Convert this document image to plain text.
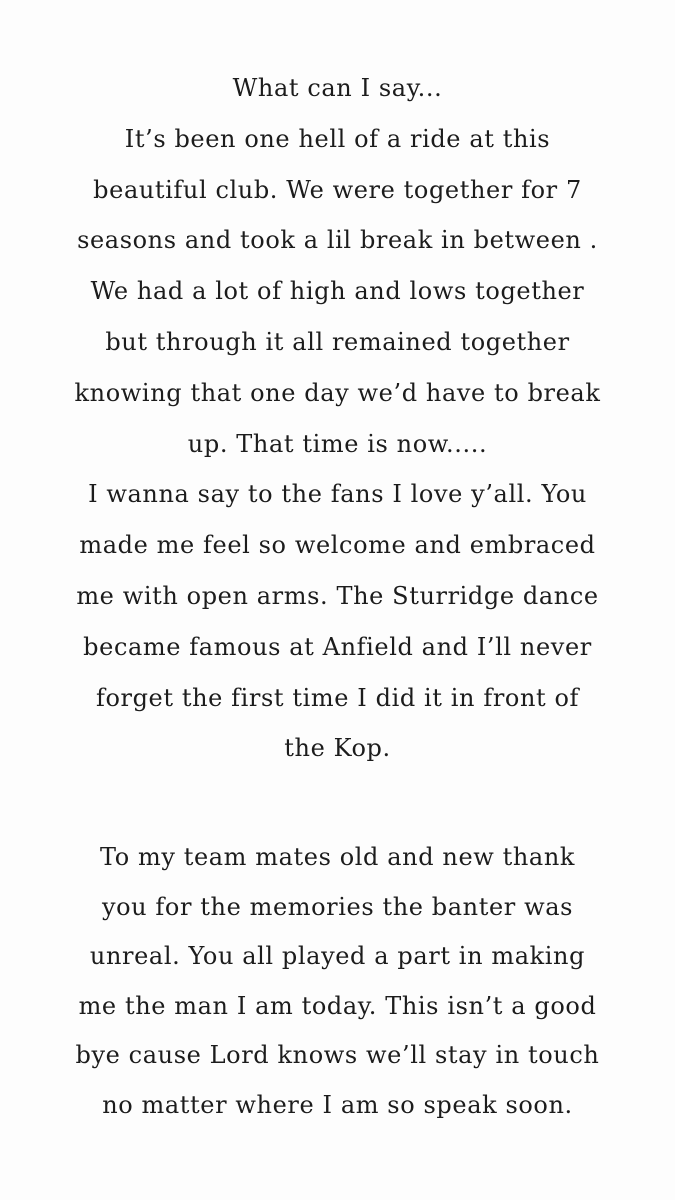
What can I say...
It’s been one hell of a ride at this
beautiful club. We were together for 7
seasons and took a lil break in between .
We had a lot of high and lows together
but through it all remained together
knowing that one day we’d have to break
up. That time is now.....
I wanna say to the fans I love y’all. You
made me feel so welcome and embraced
me with open arms. The Sturridge dance
became famous at Anfield and I’ll never
forget the first time I did it in front of
the Kop.
To my team mates old and new thank
you for the memories the banter was
unreal. You all played a part in making
me the man I am today. This isn’t a good
bye cause Lord knows we’ll stay in touch
no matter where I am so speak soon.
